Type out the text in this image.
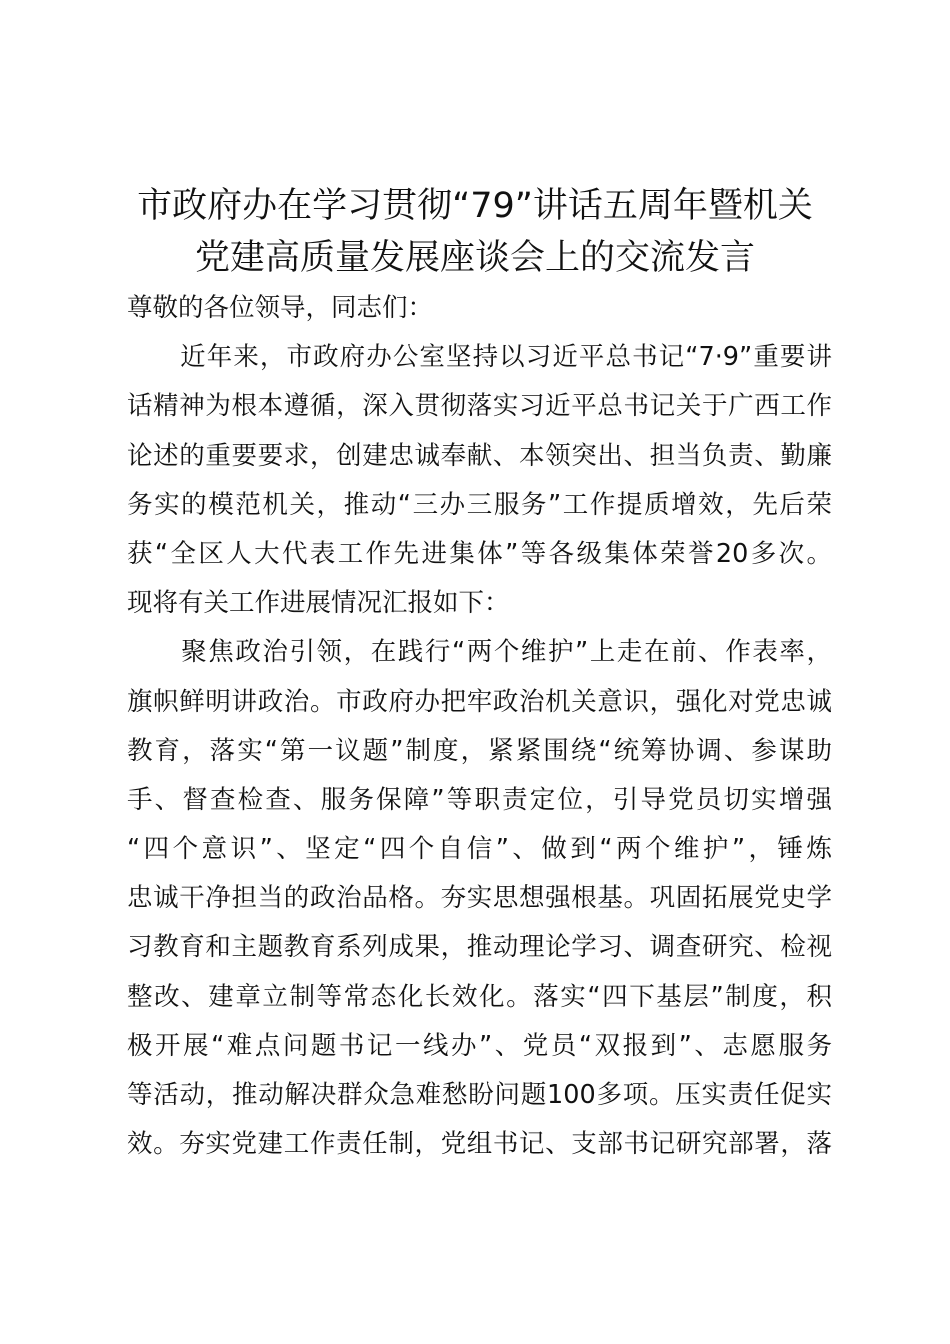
市政府办在学习贯彻“79”讲话五周年暨机关
党建高质量发展座谈会上的交流发言
尊敬的各位领导，同志们：
　　近年来，市政府办公室坚持以习近平总书记“7·9”重要讲
话精神为根本遵循，深入贯彻落实习近平总书记关于广西工作
论述的重要要求，创建忠诚奉献、本领突出、担当负责、勤廉
务实的模范机关，推动“三办三服务”工作提质增效，先后荣
获“全区人大代表工作先进集体”等各级集体荣誉20多次。
现将有关工作进展情况汇报如下：
　　聚焦政治引领，在践行“两个维护”上走在前、作表率，
旗帜鲜明讲政治。市政府办把牢政治机关意识，强化对党忠诚
教育，落实“第一议题”制度，紧紧围绕“统筹协调、参谋助
手、督查检查、服务保障”等职责定位，引导党员切实增强
“四个意识”、坚定“四个自信”、做到“两个维护”，锤炼
忠诚干净担当的政治品格。夯实思想强根基。巩固拓展党史学
习教育和主题教育系列成果，推动理论学习、调查研究、检视
整改、建章立制等常态化长效化。落实“四下基层”制度，积
极开展“难点问题书记一线办”、党员“双报到”、志愿服务
等活动，推动解决群众急难愁盼问题100多项。压实责任促实
效。夯实党建工作责任制，党组书记、支部书记研究部署，落
